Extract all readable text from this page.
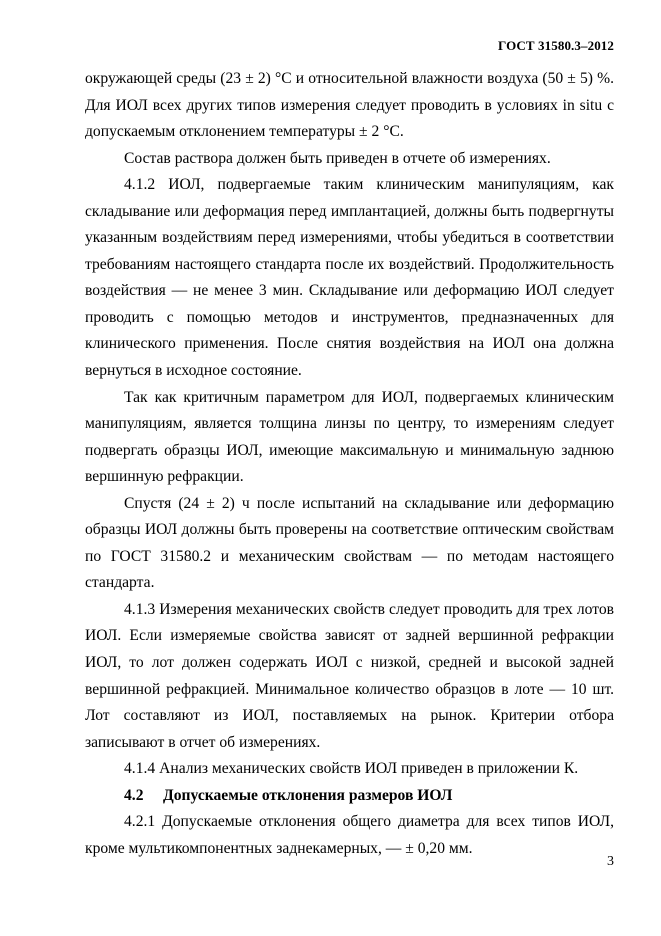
ГОСТ 31580.3–2012

окружающей среды (23 ± 2) °С и относительной влажности воздуха (50 ± 5) %. Для ИОЛ всех других типов измерения следует проводить в условиях in situ с допускаемым отклонением температуры ± 2 °С.

Состав раствора должен быть приведен в отчете об измерениях.

4.1.2 ИОЛ, подвергаемые таким клиническим манипуляциям, как складывание или деформация перед имплантацией, должны быть подвергнуты указанным воздействиям перед измерениями, чтобы убедиться в соответствии требованиям настоящего стандарта после их воздействий. Продолжительность воздействия — не менее 3 мин. Складывание или деформацию ИОЛ следует проводить с помощью методов и инструментов, предназначенных для клинического применения. После снятия воздействия на ИОЛ она должна вернуться в исходное состояние.

Так как критичным параметром для ИОЛ, подвергаемых клиническим манипуляциям, является толщина линзы по центру, то измерениям следует подвергать образцы ИОЛ, имеющие максимальную и минимальную заднюю вершинную рефракции.

Спустя (24 ± 2) ч после испытаний на складывание или деформацию образцы ИОЛ должны быть проверены на соответствие оптическим свойствам по ГОСТ 31580.2 и механическим свойствам — по методам настоящего стандарта.

4.1.3 Измерения механических свойств следует проводить для трех лотов ИОЛ. Если измеряемые свойства зависят от задней вершинной рефракции ИОЛ, то лот должен содержать ИОЛ с низкой, средней и высокой задней вершинной рефракцией. Минимальное количество образцов в лоте — 10 шт. Лот составляют из ИОЛ, поставляемых на рынок. Критерии отбора записывают в отчет об измерениях.

4.1.4 Анализ механических свойств ИОЛ приведен в приложении К.

4.2 Допускаемые отклонения размеров ИОЛ

4.2.1 Допускаемые отклонения общего диаметра для всех типов ИОЛ, кроме мультикомпонентных заднекамерных, — ± 0,20 мм.

3
